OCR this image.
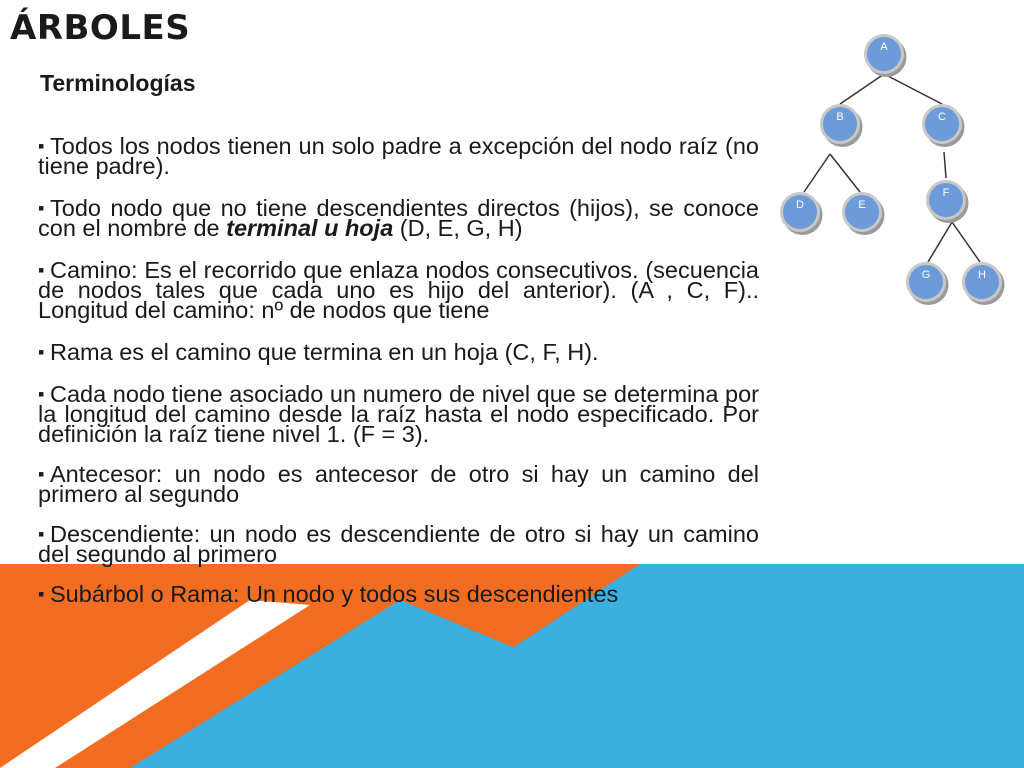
ÁRBOLES
Terminologías
▪ Todos los nodos tienen un solo padre a excepción del nodo raíz (no tiene padre).
▪ Todo nodo que no tiene descendientes directos (hijos), se conoce con el nombre de terminal u hoja (D, E, G, H)
▪ Camino: Es el recorrido que enlaza nodos consecutivos. (secuencia de nodos tales que cada uno es hijo del anterior). (A , C, F).. Longitud del camino: nº de nodos que tiene
▪ Rama es el camino que termina en un hoja (C, F, H).
▪ Cada nodo tiene asociado un numero de nivel que se determina por la longitud del camino desde la raíz hasta el nodo especificado. Por definición la raíz tiene nivel 1. (F = 3).
▪ Antecesor: un nodo es antecesor de otro si hay un camino del primero al segundo
▪ Descendiente: un nodo es descendiente de otro si hay un camino del segundo al primero
▪ Subárbol o Rama: Un nodo y todos sus descendientes
A
B	C
D	E
F
G	H
